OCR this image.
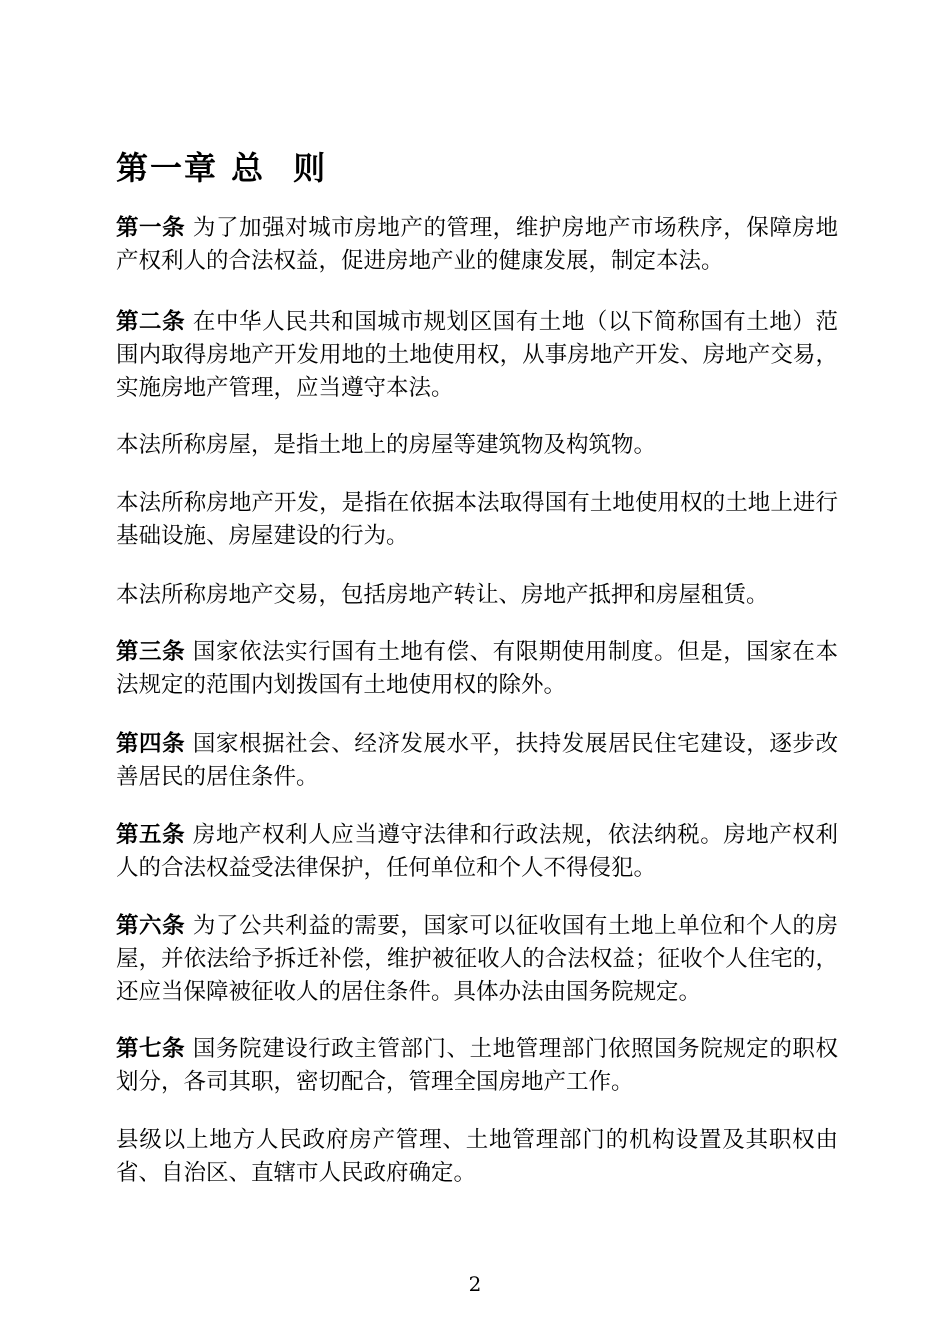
第一章 总 则

第一条 为了加强对城市房地产的管理，维护房地产市场秩序，保障房地产权利人的合法权益，促进房地产业的健康发展，制定本法。

第二条 在中华人民共和国城市规划区国有土地（以下简称国有土地）范围内取得房地产开发用地的土地使用权，从事房地产开发、房地产交易，实施房地产管理，应当遵守本法。

本法所称房屋，是指土地上的房屋等建筑物及构筑物。

本法所称房地产开发，是指在依据本法取得国有土地使用权的土地上进行基础设施、房屋建设的行为。

本法所称房地产交易，包括房地产转让、房地产抵押和房屋租赁。

第三条 国家依法实行国有土地有偿、有限期使用制度。但是，国家在本法规定的范围内划拨国有土地使用权的除外。

第四条 国家根据社会、经济发展水平，扶持发展居民住宅建设，逐步改善居民的居住条件。

第五条 房地产权利人应当遵守法律和行政法规，依法纳税。房地产权利人的合法权益受法律保护，任何单位和个人不得侵犯。

第六条 为了公共利益的需要，国家可以征收国有土地上单位和个人的房屋，并依法给予拆迁补偿，维护被征收人的合法权益；征收个人住宅的，还应当保障被征收人的居住条件。具体办法由国务院规定。

第七条 国务院建设行政主管部门、土地管理部门依照国务院规定的职权划分，各司其职，密切配合，管理全国房地产工作。

县级以上地方人民政府房产管理、土地管理部门的机构设置及其职权由省、自治区、直辖市人民政府确定。

2
